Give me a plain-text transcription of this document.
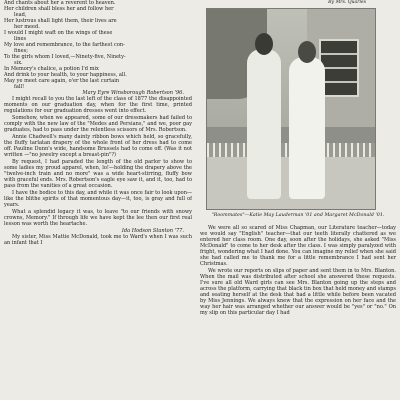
And chants about her a reverent to heaven.
Her children shall bless her and follow her
lead,
Her lustrous shall light them, their lives are
her meed.
I would I might waft on the wings of these
lines
My love and remembrance, to the farthest con-
fines;
To the girls whom I loved,—Ninety-five, Ninety-
six.
In Memory's chalice, a potion I'd mix
And drink to your health, to your happiness, all.
May ye meet care again, o'er the last curtain
fall!
Mary Eyre Winsborough Robertson '96.

I might recall to you the last left of the class of 1877 the disappointed moments on our graduation day, when for the first time, printed regulations for our graduation dresses went into effect.

Somehow, when we appeared, some of our dressmakers had failed to comply with the new law of the "Medes and Persians," and we, poor gay graduates, had to pass under the relentless scissors of Mrs. Robertson.

Annie Chadwell's many dainty ribbon bows which held, so gracefully, the fluffy tarlatan drapery of the whole front of her dress had to come off. Pauline Dunn's wide, handsome Brussels had to come off. (Was it not written —"no jewelry except a breast-pin"?)

By request, I had paraded the length of the old parlor to show to some ladies my proud apparel, when, lo!—holding the drapery above the "twelve-inch train and no more" was a wide heart-stirring, fluffy bow with graceful ends. Mrs. Robertson's eagle eye saw it, and it, too, had to pass from the vanities of a great occasion.

I have the bodice to this day, and while it was once fair to look upon—like the blithe spirits of that momentous day—it, too, is gray and full of years.

What a splendid legacy it was, to leave "to our friends with snowy crowns, Memory." If through life we have kept the lee then our first real lesson was worth the heartache.

Ida Hodson Stanton '77.

My sister, Miss Mattie McDonald, took me to Ward's when I was such an infant that I

By Mrs. Quarles
"Roommates"—Katie May Lauderman '01 and Margaret McDonald '01.

We were all so scared of Miss Chapman, our Literature teacher—today we would say "English" teacher—that our teeth literally chattered as we entered her class room. One day, soon after the holidays, she asked "Miss McDonald" to come to her desk after the class. I was simply paralyzed with fright, wondering what I had done. You can imagine my relief when she said she had called me to thank me for a little remembrance I had sent her Christmas.

We wrote our reports on slips of paper and sent them in to Mrs. Blanton. When the mail was distributed after school she answered these requests. I've sure all old Ward girls can see Mrs. Blanton going up the steps and across the platform, carrying that black tin box that held money and stamps and seating herself at the desk that had a little while before been vacated by Miss Jennings. We always knew that the expression on her face and the way her hair was arranged whether our answer would be "yes" or "no." On my slip on this particular day I had
